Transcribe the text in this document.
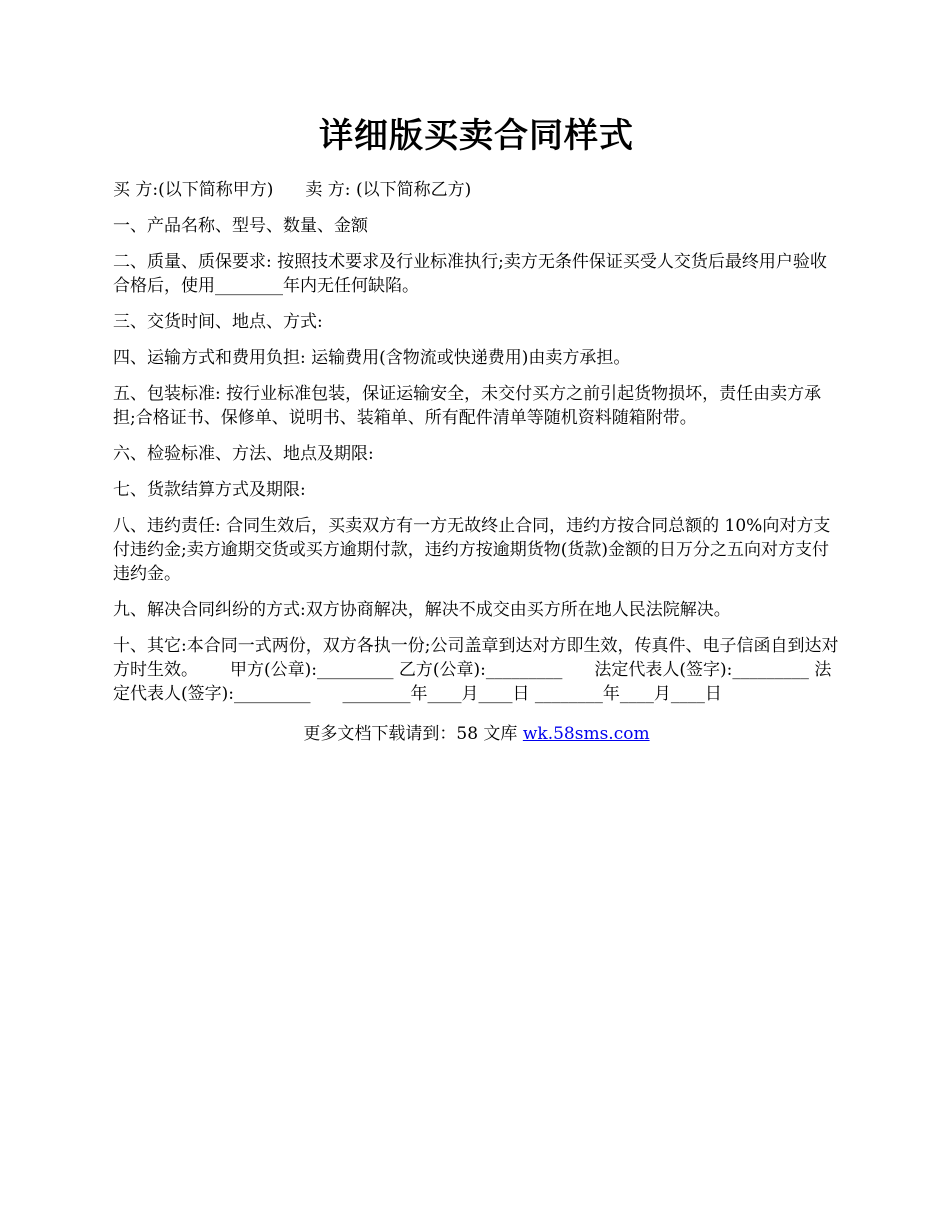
详细版买卖合同样式

买 方:(以下简称甲方) 卖 方: (以下简称乙方)

一、产品名称、型号、数量、金额

二、质量、质保要求: 按照技术要求及行业标准执行;卖方无条件保证买受人交货后最终用户验收合格后，使用________年内无任何缺陷。

三、交货时间、地点、方式:

四、运输方式和费用负担: 运输费用(含物流或快递费用)由卖方承担。

五、包装标准: 按行业标准包装，保证运输安全，未交付买方之前引起货物损坏，责任由卖方承担;合格证书、保修单、说明书、装箱单、所有配件清单等随机资料随箱附带。

六、检验标准、方法、地点及期限:

七、货款结算方式及期限:

八、违约责任: 合同生效后，买卖双方有一方无故终止合同，违约方按合同总额的 10%向对方支付违约金;卖方逾期交货或买方逾期付款，违约方按逾期货物(货款)金额的日万分之五向对方支付违约金。

九、解决合同纠纷的方式:双方协商解决，解决不成交由买方所在地人民法院解决。

十、其它:本合同一式两份，双方各执一份;公司盖章到达对方即生效，传真件、电子信函自到达对方时生效。 甲方(公章):_________ 乙方(公章):_________ 法定代表人(签字):_________ 法定代表人(签字):_________ ________年____月____日 ________年____月____日

更多文档下载请到：58 文库 wk.58sms.com
